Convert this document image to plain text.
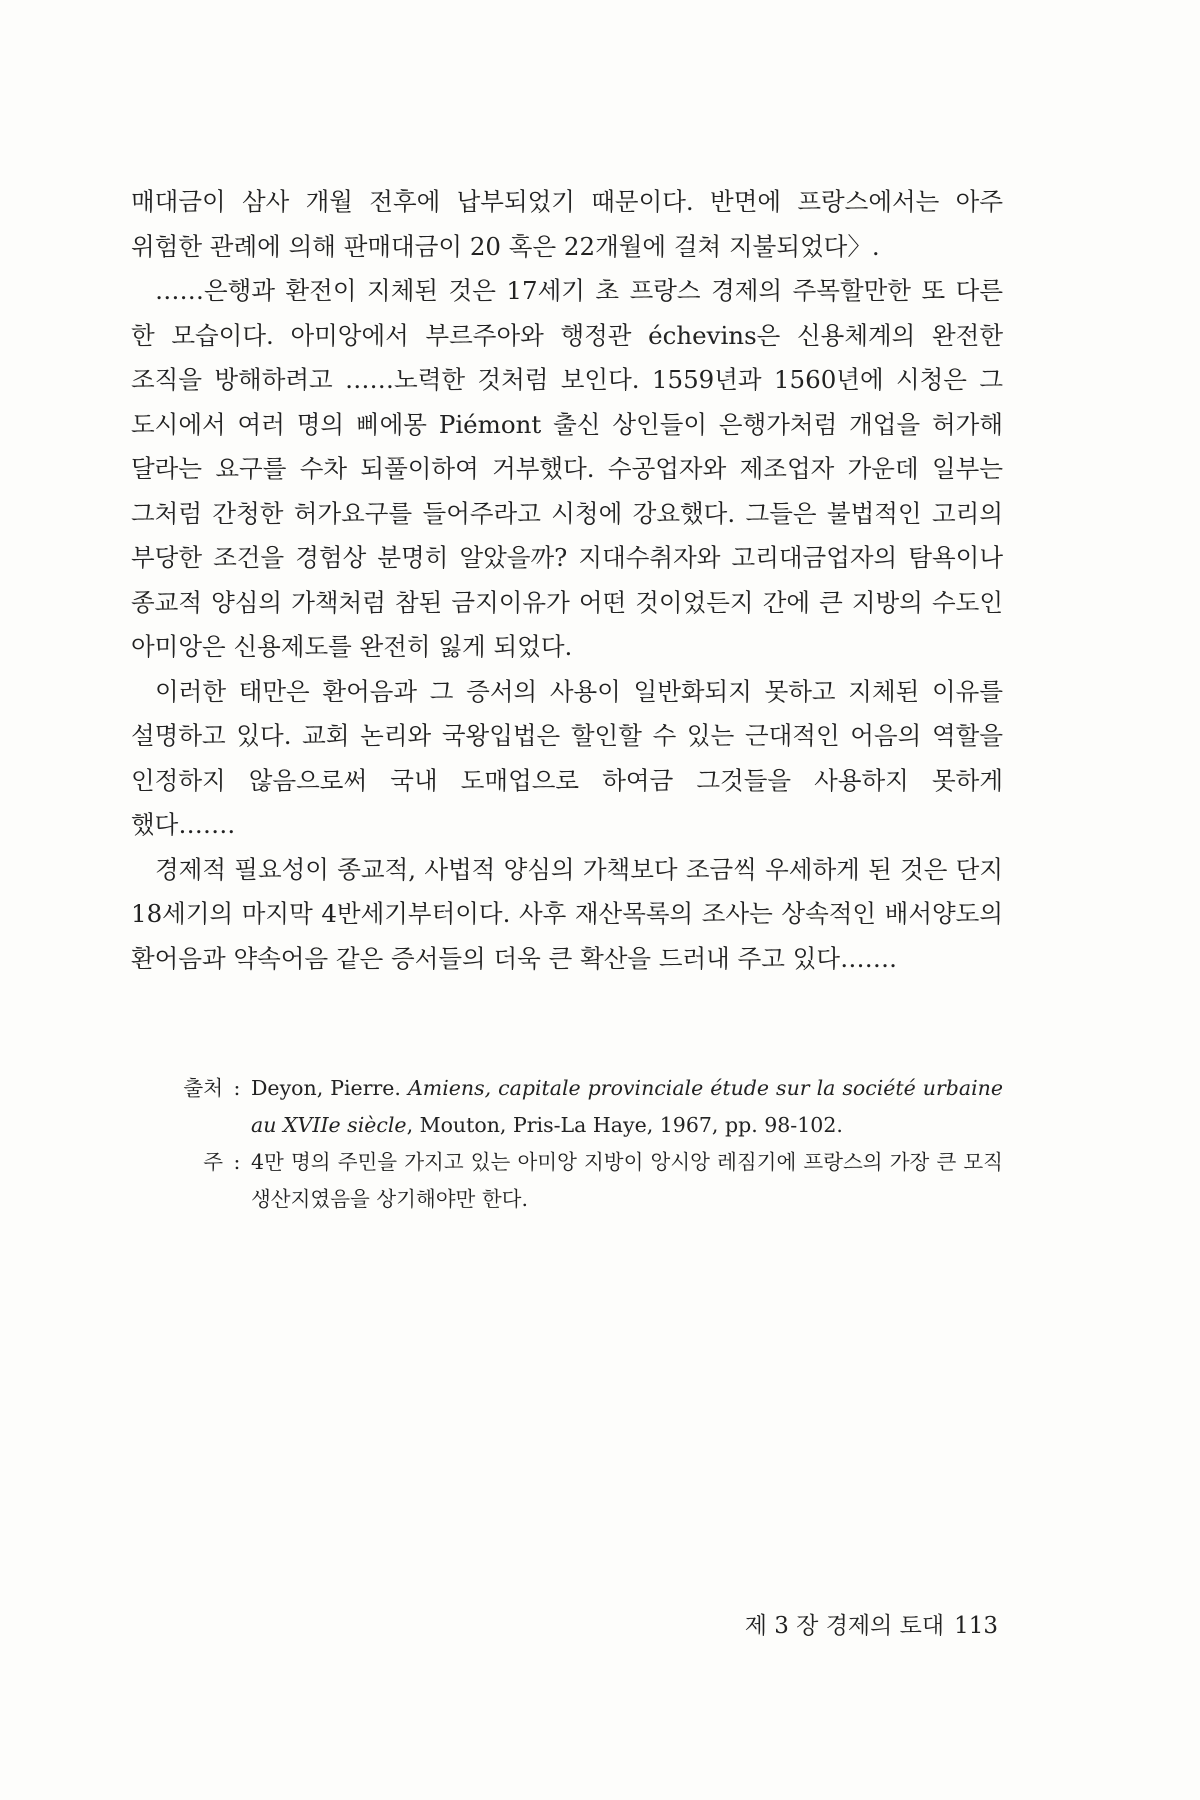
매대금이 삼사 개월 전후에 납부되었기 때문이다. 반면에 프랑스에서는 아주 위험한 관례에 의해 판매대금이 20 혹은 22개월에 걸쳐 지불되었다〉.

……은행과 환전이 지체된 것은 17세기 초 프랑스 경제의 주목할만한 또 다른 한 모습이다. 아미앙에서 부르주아와 행정관 échevins은 신용체계의 완전한 조직을 방해하려고 ……노력한 것처럼 보인다. 1559년과 1560년에 시청은 그 도시에서 여러 명의 삐에몽 Piémont 출신 상인들이 은행가처럼 개업을 허가해 달라는 요구를 수차 되풀이하여 거부했다. 수공업자와 제조업자 가운데 일부는 그처럼 간청한 허가요구를 들어주라고 시청에 강요했다. 그들은 불법적인 고리의 부당한 조건을 경험상 분명히 알았을까? 지대수취자와 고리대금업자의 탐욕이나 종교적 양심의 가책처럼 참된 금지이유가 어떤 것이었든지 간에 큰 지방의 수도인 아미앙은 신용제도를 완전히 잃게 되었다.

이러한 태만은 환어음과 그 증서의 사용이 일반화되지 못하고 지체된 이유를 설명하고 있다. 교회 논리와 국왕입법은 할인할 수 있는 근대적인 어음의 역할을 인정하지 않음으로써 국내 도매업으로 하여금 그것들을 사용하지 못하게 했다…….

경제적 필요성이 종교적, 사법적 양심의 가책보다 조금씩 우세하게 된 것은 단지 18세기의 마지막 4반세기부터이다. 사후 재산목록의 조사는 상속적인 배서양도의 환어음과 약속어음 같은 증서들의 더욱 큰 확산을 드러내 주고 있다…….

출처 : Deyon, Pierre. Amiens, capitale provinciale étude sur la société urbaine au XVIIe siècle, Mouton, Pris-La Haye, 1967, pp. 98-102.
주 : 4만 명의 주민을 가지고 있는 아미앙 지방이 앙시앙 레짐기에 프랑스의 가장 큰 모직 생산지였음을 상기해야만 한다.
제 3 장 경제의 토대 113
